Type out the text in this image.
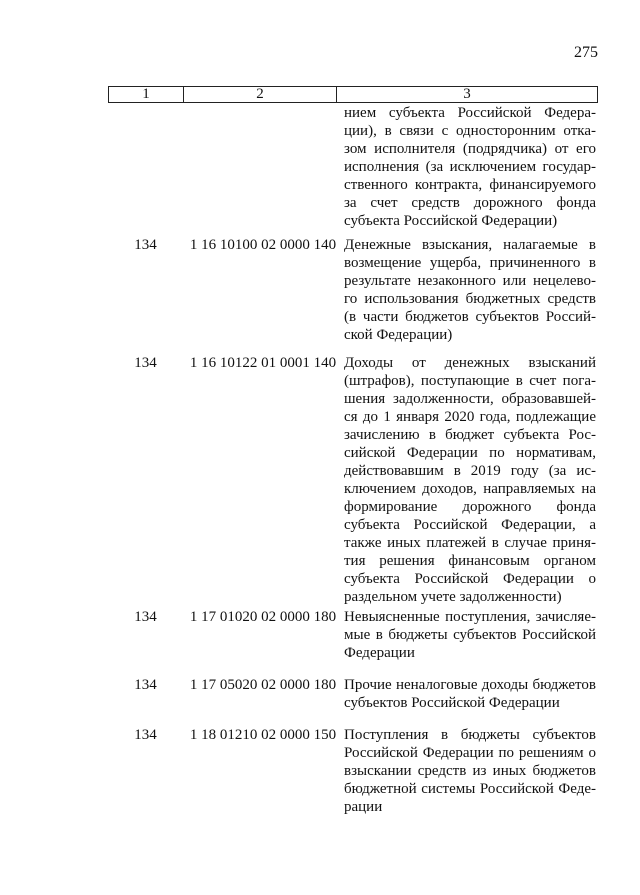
275
1	2	3
нием субъекта Российской Федера-
ции), в связи с односторонним отка-
зом исполнителя (подрядчика) от его
исполнения (за исключением государ-
ственного контракта, финансируемого
за счет средств дорожного фонда
субъекта Российской Федерации)
134	1 16 10100 02 0000 140 Денежные взыскания, налагаемые в
возмещение ущерба, причиненного в
результате незаконного или нецелево-
го использования бюджетных средств
(в части бюджетов субъектов Россий-
ской Федерации)
134	1 16 10122 01 0001 140 Доходы от денежных взысканий
(штрафов), поступающие в счет пога-
шения задолженности, образовавшей-
ся до 1 января 2020 года, подлежащие
зачислению в бюджет субъекта Рос-
сийской Федерации по нормативам,
действовавшим в 2019 году (за ис-
ключением доходов, направляемых на
формирование дорожного фонда
субъекта Российской Федерации, а
также иных платежей в случае приня-
тия решения финансовым органом
субъекта Российской Федерации о
раздельном учете задолженности)
134	1 17 01020 02 0000 180 Невыясненные поступления, зачисляе-
мые в бюджеты субъектов Российской
Федерации
134	1 17 05020 02 0000 180 Прочие неналоговые доходы бюджетов
субъектов Российской Федерации
134	1 18 01210 02 0000 150 Поступления в бюджеты субъектов
Российской Федерации по решениям о
взыскании средств из иных бюджетов
бюджетной системы Российской Феде-
рации
